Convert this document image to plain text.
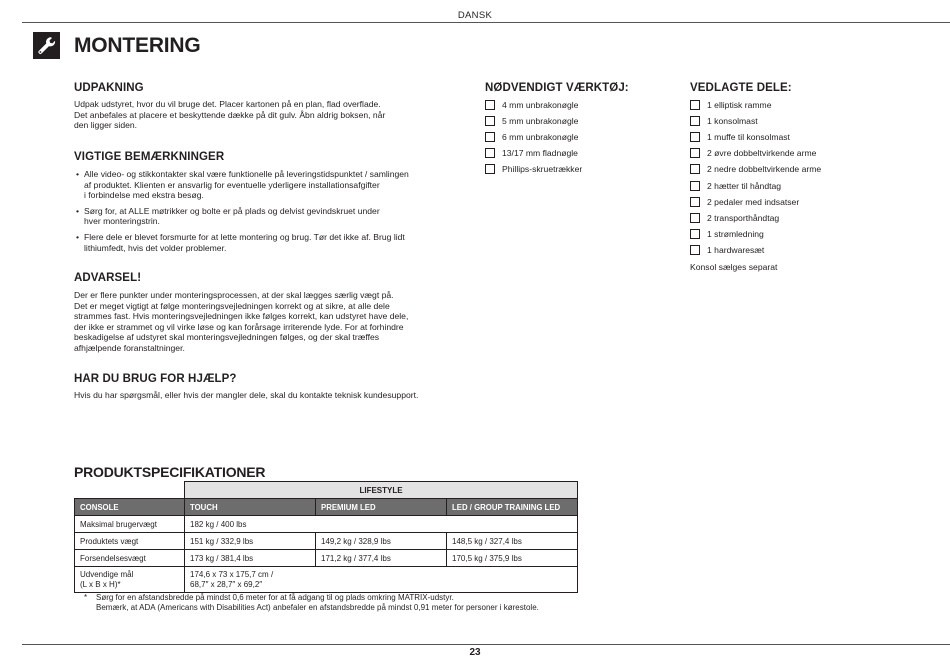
DANSK
MONTERING
UDPAKNING
Udpak udstyret, hvor du vil bruge det. Placer kartonen på en plan, flad overflade.
Det anbefales at placere et beskyttende dække på dit gulv. Åbn aldrig boksen, når
den ligger siden.
VIGTIGE BEMÆRKNINGER
• Alle video- og stikkontakter skal være funktionelle på leveringstidspunktet / samlingen
af produktet. Klienten er ansvarlig for eventuelle yderligere installationsafgifter
i forbindelse med ekstra besøg.
• Sørg for, at ALLE møtrikker og bolte er på plads og delvist gevindskruet under
hver monteringstrin.
• Flere dele er blevet forsmurte for at lette montering og brug. Tør det ikke af. Brug lidt
lithiumfedt, hvis det volder problemer.
ADVARSEL!
Der er flere punkter under monteringsprocessen, at der skal lægges særlig vægt på.
Det er meget vigtigt at følge monteringsvejledningen korrekt og at sikre, at alle dele
strammes fast. Hvis monteringsvejledningen ikke følges korrekt, kan udstyret have dele,
der ikke er strammet og vil virke løse og kan forårsage irriterende lyde. For at forhindre
beskadigelse af udstyret skal monteringsvejledningen følges, og der skal træffes
afhjælpende foranstaltninger.
HAR DU BRUG FOR HJÆLP?
Hvis du har spørgsmål, eller hvis der mangler dele, skal du kontakte teknisk kundesupport.
NØDVENDIGT VÆRKTØJ:
4 mm unbrakonøgle
5 mm unbrakonøgle
6 mm unbrakonøgle
13/17 mm fladnøgle
Phillips-skruetrækker
VEDLAGTE DELE:
1 elliptisk ramme
1 konsolmast
1 muffe til konsolmast
2 øvre dobbeltvirkende arme
2 nedre dobbeltvirkende arme
2 hætter til håndtag
2 pedaler med indsatser
2 transporthåndtag
1 strømledning
1 hardwaresæt
Konsol sælges separat
PRODUKTSPECIFIKATIONER
	LIFESTYLE		
CONSOLE	TOUCH	PREMIUM LED	LED / GROUP TRAINING LED
Maksimal brugervægt	182 kg / 400 lbs		
Produktets vægt	151 kg / 332,9 lbs	149,2 kg / 328,9 lbs	148,5 kg / 327,4 lbs
Forsendelsesvægt	173 kg / 381,4 lbs	171,2 kg / 377,4 lbs	170,5 kg / 375,9 lbs
Udvendige mål
(L x B x H)*	174,6 x 73 x 175,7 cm /
68,7″ x 28,7″ x 69,2″		
* Sørg for en afstandsbredde på mindst 0,6 meter for at få adgang til og plads omkring MATRIX-udstyr.
Bemærk, at ADA (Americans with Disabilities Act) anbefaler en afstandsbredde på mindst 0,91 meter for personer i kørestole.
23
